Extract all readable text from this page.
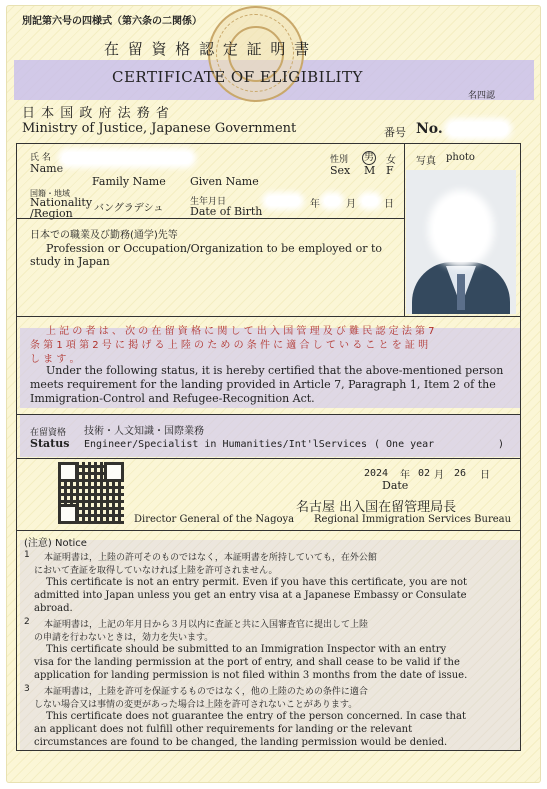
別記第六号の四様式（第六条の二関係）
在 留 資 格 認 定 証 明 書
CERTIFICATE OF ELIGIBILITY
名四認
日 本 国 政 府 法 務 省
Ministry of Justice, Japanese Government	番号 No.
氏 名
Name
Family Name Given Name
性別 男 女
Sex M F
国籍・地域
Nationality
/Region バングラデシュ
生年月日
Date of Birth
年	月	日
写真 photo
日本での職業及び勤務(通学)先等
Profession or Occupation/Organization to be employed or to
study in Japan
上 記 の 者 は 、 次 の 在 留 資 格 に 関 し て 出 入 国 管 理 及 び 難 民 認 定 法 第 7
条 第 1 項 第 2 号 に 掲 げ る 上 陸 の た め の 条 件 に 適 合 し て い る こ と を 証 明
し ま す 。
Under the following status, it is hereby certified that the above-mentioned person
meets requirement for the landing provided in Article 7, Paragraph 1, Item 2 of the
Immigration-Control and Refugee-Recognition Act.
在留資格
Status
技術・人文知識・国際業務
Engineer/Specialist in Humanities/Int'lServices ( One year	)
2024 年 02 月 26 日
Date
名古屋 出入国在留管理局長
Director General of the Nagoya Regional Immigration Services Bureau
(注意) Notice
1 本証明書は，上陸の許可そのものではなく，本証明書を所持していても，在外公館
において査証を取得していなければ上陸を許可されません。
This certificate is not an entry permit. Even if you have this certificate, you are not
admitted into Japan unless you get an entry visa at a Japanese Embassy or Consulate
abroad.
2 本証明書は，上記の年月日から３月以内に査証と共に入国審査官に提出して上陸
の申請を行わないときは，効力を失います。
This certificate should be submitted to an Immigration Inspector with an entry
visa for the landing permission at the port of entry, and shall cease to be valid if the
application for landing permission is not filed within 3 months from the date of issue.
3 本証明書は，上陸を許可を保証するものではなく，他の上陸のための条件に適合
しない場合又は事情の変更があった場合は上陸を許可されないことがあります。
This certificate does not guarantee the entry of the person concerned. In case that
an applicant does not fulfill other requirements for landing or the relevant
circumstances are found to be changed, the landing permission would be denied.
